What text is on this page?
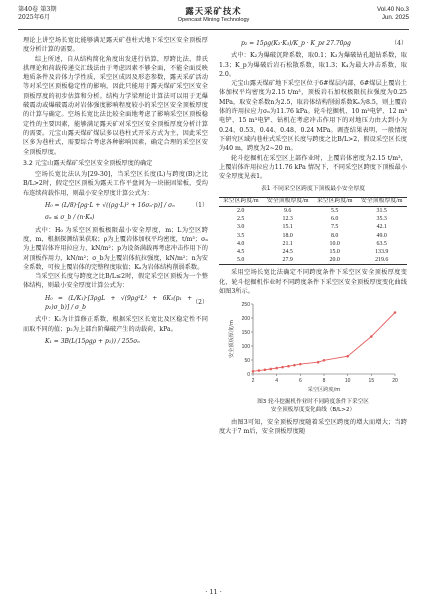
第40卷 第3期
2025年6月
露天采矿技术
Opencast Mining Technology
Vol.40 No.3
Jun. 2025

理论上讲空场长宽比能够满足露天矿巷柱式地下采空区安全顶板厚度分析计算的需要。

综上所述，自从结构简化角度出发进行估算，厚跨比法、普氏拱理论和荷载传递交汇线法由于考虑因素不够全面，不能全面反映地质条件及岩体力学性质，采空区成因及形态参数，露天采矿活动等对采空区顶板稳定性的影响，因此只能用于露天煤矿采空区安全顶板厚度的初步估算和分析。结构力学梁理论计算法可以用于无爆破震动或爆破震动对岩体强度影响程度较小的采空区安全顶板厚度的计算与确定。空场长宽比法比较全面地考虑了影响采空区顶板稳定性的主要因素，能够满足露天矿对采空区安全顶板厚度分析计算的需要。元宝山露天煤矿煤层多以巷柱式开采方式为主，因此采空区多为巷柱式，需要综合考虑各种影响因素，确定合理的采空区安全顶板厚度。

3.2 元宝山露天煤矿采空区安全顶板厚度的确定

空场长宽比法认为[29-30]，当采空区长度(L)与跨度(B)之比B/L>2时，假定空区顶板为露天工作平盘间为一块嵌固梁板，受均布连续荷载作用，则最小安全厚度计算公式为：

H₀ = (L/8)·[ρg·L + √((ρg·L)² + 16σₙ·p)] / σₙ	（1）
σₙ ≤ σ_b / (n·Kₐ)

式中：H₀ 为采空区顶板极限最小安全厚度，m；L为空区跨度，m，根据探测结果获取；ρ为上覆岩体加权平均密度，t/m³；σₙ为上覆岩体许用拉应力，kN/m²；p为设备满载再考虑冲击作用下的对顶板作用力，kN/m²；σ_b为上覆岩体抗拉强度，kN/m²；n为安全系数，可按上覆岩体的完整程度取值；Kₐ为岩体结构削弱系数。

当采空区长度与跨度之比B/L≤2时，假定采空区顶板为一个整体结构，则最小安全厚度计算公式为：

H₀ = (L/K₁)·[3ρgL + √(9ρg²L² + 6K₁(p₁ + p₂)σ_b)] / σ_b
（2）

式中：K₁为计算修正系数，根据采空区长宽比及区稳定性不同而取不同的值；p₂为上部台阶爆破产生的动载荷，kPa。

K₁ = 3B(L(15ρgρ + p₁)) / 255σₙ
p₂ = 15ρg(K₂·K₃)/K_p · K_pℓ 27.70ρg	（4）

式中：K₂为爆破沉降系数，取0.1；K₃为爆破钻孔超钻系数，取1.3；K_p为爆破后岩石松散系数，取1.3；K₄为最大冲击系数，取2.0。

元宝山露天煤矿地下采空区位于6#煤层内部，6#煤层上覆岩土体加权平均密度为2.15 t/m³，顶板岩石加权极限抗拉强度为0.25 MPa，取安全系数n为2.5，取岩体结构削弱系数Kₐ为8.5，则上覆岩体的许用拉应力σₙ为11.76 kPa。轮斗挖掘机、10 m³电铲、12 m³电铲、15 m³电铲、钻机在考虑冲击作用下的对地压力由大到小为0.24、0.53、0.44、0.48、0.24 MPa。调查结果表明，一般情况下研究区域内巷柱式采空区长度与跨度之比B/L>2，假设采空区长度为40 m，跨度为2~20 m。

轮斗挖掘机在采空区上部作业时，上覆岩体密度为2.15 t/m³，上覆岩体许用拉应力11.76 kPa 情况下，不同采空区跨度下顶板最小安全厚度见表1。

表1 不同采空区跨度下顶板最小安全厚度

采空区跨度/m	安全顶板厚度/m	采空区跨度/m	安全顶板厚度/m
2.0	9.6	5.5	31.5
2.5	12.3	6.0	35.3
3.0	15.1	7.5	42.1
3.5	18.0	8.0	49.0
4.0	21.1	10.0	63.5
4.5	24.5	15.0	133.9
5.0	27.9	20.0	219.6

采用空场长宽比法确定不同跨度条件下采空区安全顶板厚度变化，轮斗挖掘机作业时不同跨度条件下采空区安全顶板厚度变化曲线如图3所示。

0
50
100
150
200
250
2	4	6	8	10	15	20
采空区跨度/m
安全顶板厚度/m

图3 轮斗挖掘机作业时不同跨度条件下采空区

安全顶板厚度变化曲线（B/L>2）

由图3可知，安全顶板厚度随着采空区跨度的增大而增大；当跨度大于7 m后，安全顶板厚度随

· 11 ·
